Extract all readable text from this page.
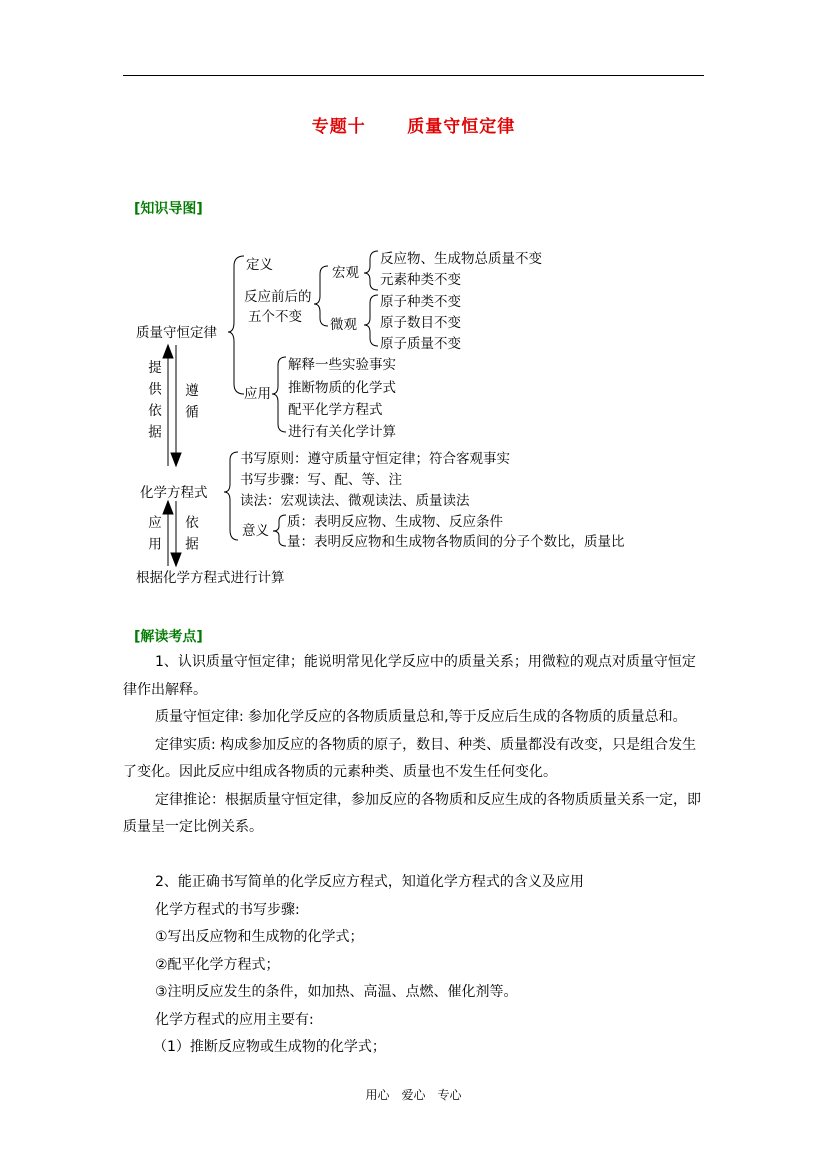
专题十 质量守恒定律
[知识导图]
质量守恒定律
定义
反应前后的
五个不变
宏观
反应物、生成物总质量不变
元素种类不变
微观
原子种类不变
原子数目不变
原子质量不变
应用
解释一些实验事实
推断物质的化学式
配平化学方程式
进行有关化学计算
提供依据 遵循
化学方程式
书写原则：遵守质量守恒定律；符合客观事实
书写步骤：写、配、等、注
读法：宏观读法、微观读法、质量读法
意义
质：表明反应物、生成物、反应条件
量：表明反应物和生成物各物质间的分子个数比，质量比
应用 依据
根据化学方程式进行计算
[解读考点]

1、认识质量守恒定律；能说明常见化学反应中的质量关系；用微粒的观点对质量守恒定律作出解释。

质量守恒定律: 参加化学反应的各物质质量总和,等于反应后生成的各物质的质量总和。

定律实质: 构成参加反应的各物质的原子，数目、种类、质量都没有改变，只是组合发生了变化。因此反应中组成各物质的元素种类、质量也不发生任何变化。

定律推论：根据质量守恒定律，参加反应的各物质和反应生成的各物质质量关系一定，即质量呈一定比例关系。

2、能正确书写简单的化学反应方程式，知道化学方程式的含义及应用

化学方程式的书写步骤:

①写出反应物和生成物的化学式；

②配平化学方程式；

③注明反应发生的条件，如加热、高温、点燃、催化剂等。

化学方程式的应用主要有:

（1）推断反应物或生成物的化学式；

用心　爱心　专心
